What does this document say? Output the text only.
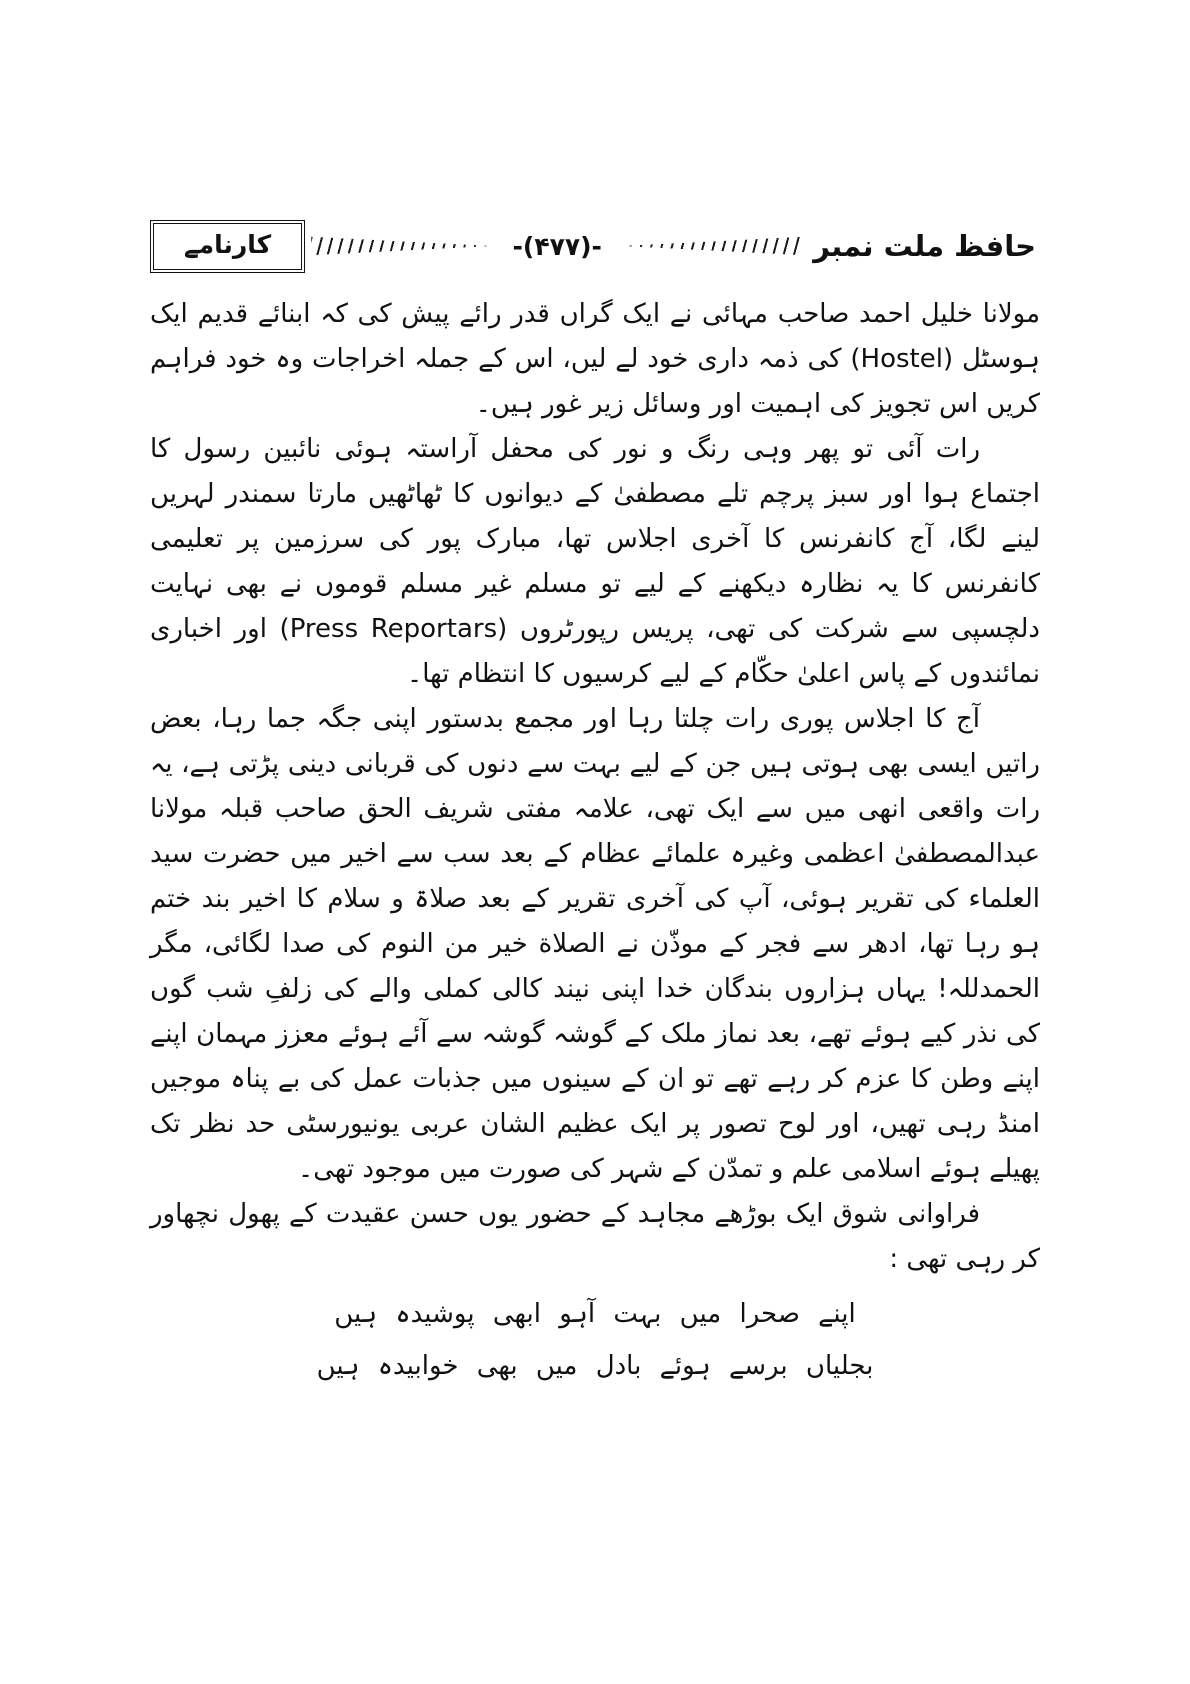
حافظ ملت نمبر
-(۴۷۷)-
کارنامے

مولانا خلیل احمد صاحب مہائی نے ایک گراں قدر رائے پیش کی کہ ابنائے قدیم ایک ہوسٹل (Hostel) کی ذمہ داری خود لے لیں، اس کے جملہ اخراجات وہ خود فراہم کریں اس تجویز کی اہمیت اور وسائل زیر غور ہیں۔

رات آئی تو پھر وہی رنگ و نور کی محفل آراستہ ہوئی نائبین رسول کا اجتماع ہوا اور سبز پرچم تلے مصطفیٰ کے دیوانوں کا ٹھاٹھیں مارتا سمندر لہریں لینے لگا، آج کانفرنس کا آخری اجلاس تھا، مبارک پور کی سرزمین پر تعلیمی کانفرنس کا یہ نظارہ دیکھنے کے لیے تو مسلم غیر مسلم قوموں نے بھی نہایت دلچسپی سے شرکت کی تھی، پریس رپورٹروں (Press Reportars) اور اخباری نمائندوں کے پاس اعلیٰ حکّام کے لیے کرسیوں کا انتظام تھا۔

آج کا اجلاس پوری رات چلتا رہا اور مجمع بدستور اپنی جگہ جما رہا، بعض راتیں ایسی بھی ہوتی ہیں جن کے لیے بہت سے دنوں کی قربانی دینی پڑتی ہے، یہ رات واقعی انھی میں سے ایک تھی، علامہ مفتی شریف الحق صاحب قبلہ مولانا عبدالمصطفیٰ اعظمی وغیرہ علمائے عظام کے بعد سب سے اخیر میں حضرت سید العلماء کی تقریر ہوئی، آپ کی آخری تقریر کے بعد صلاۃ و سلام کا اخیر بند ختم ہو رہا تھا، ادھر سے فجر کے موذّن نے الصلاة خير من النوم کی صدا لگائی، مگر الحمدللہ! یہاں ہزاروں بندگان خدا اپنی نیند کالی کملی والے کی زلفِ شب گوں کی نذر کیے ہوئے تھے، بعد نماز ملک کے گوشہ گوشہ سے آئے ہوئے معزز مہمان اپنے اپنے وطن کا عزم کر رہے تھے تو ان کے سینوں میں جذبات عمل کی بے پناہ موجیں امنڈ رہی تھیں، اور لوح تصور پر ایک عظیم الشان عربی یونیورسٹی حد نظر تک پھیلے ہوئے اسلامی علم و تمدّن کے شہر کی صورت میں موجود تھی۔

فراوانی شوق ایک بوڑھے مجاہد کے حضور یوں حسن عقیدت کے پھول نچھاور کر رہی تھی :

اپنے صحرا میں بہت آہو ابھی پوشیدہ ہیں
بجلیاں برسے ہوئے بادل میں بھی خوابیدہ ہیں
